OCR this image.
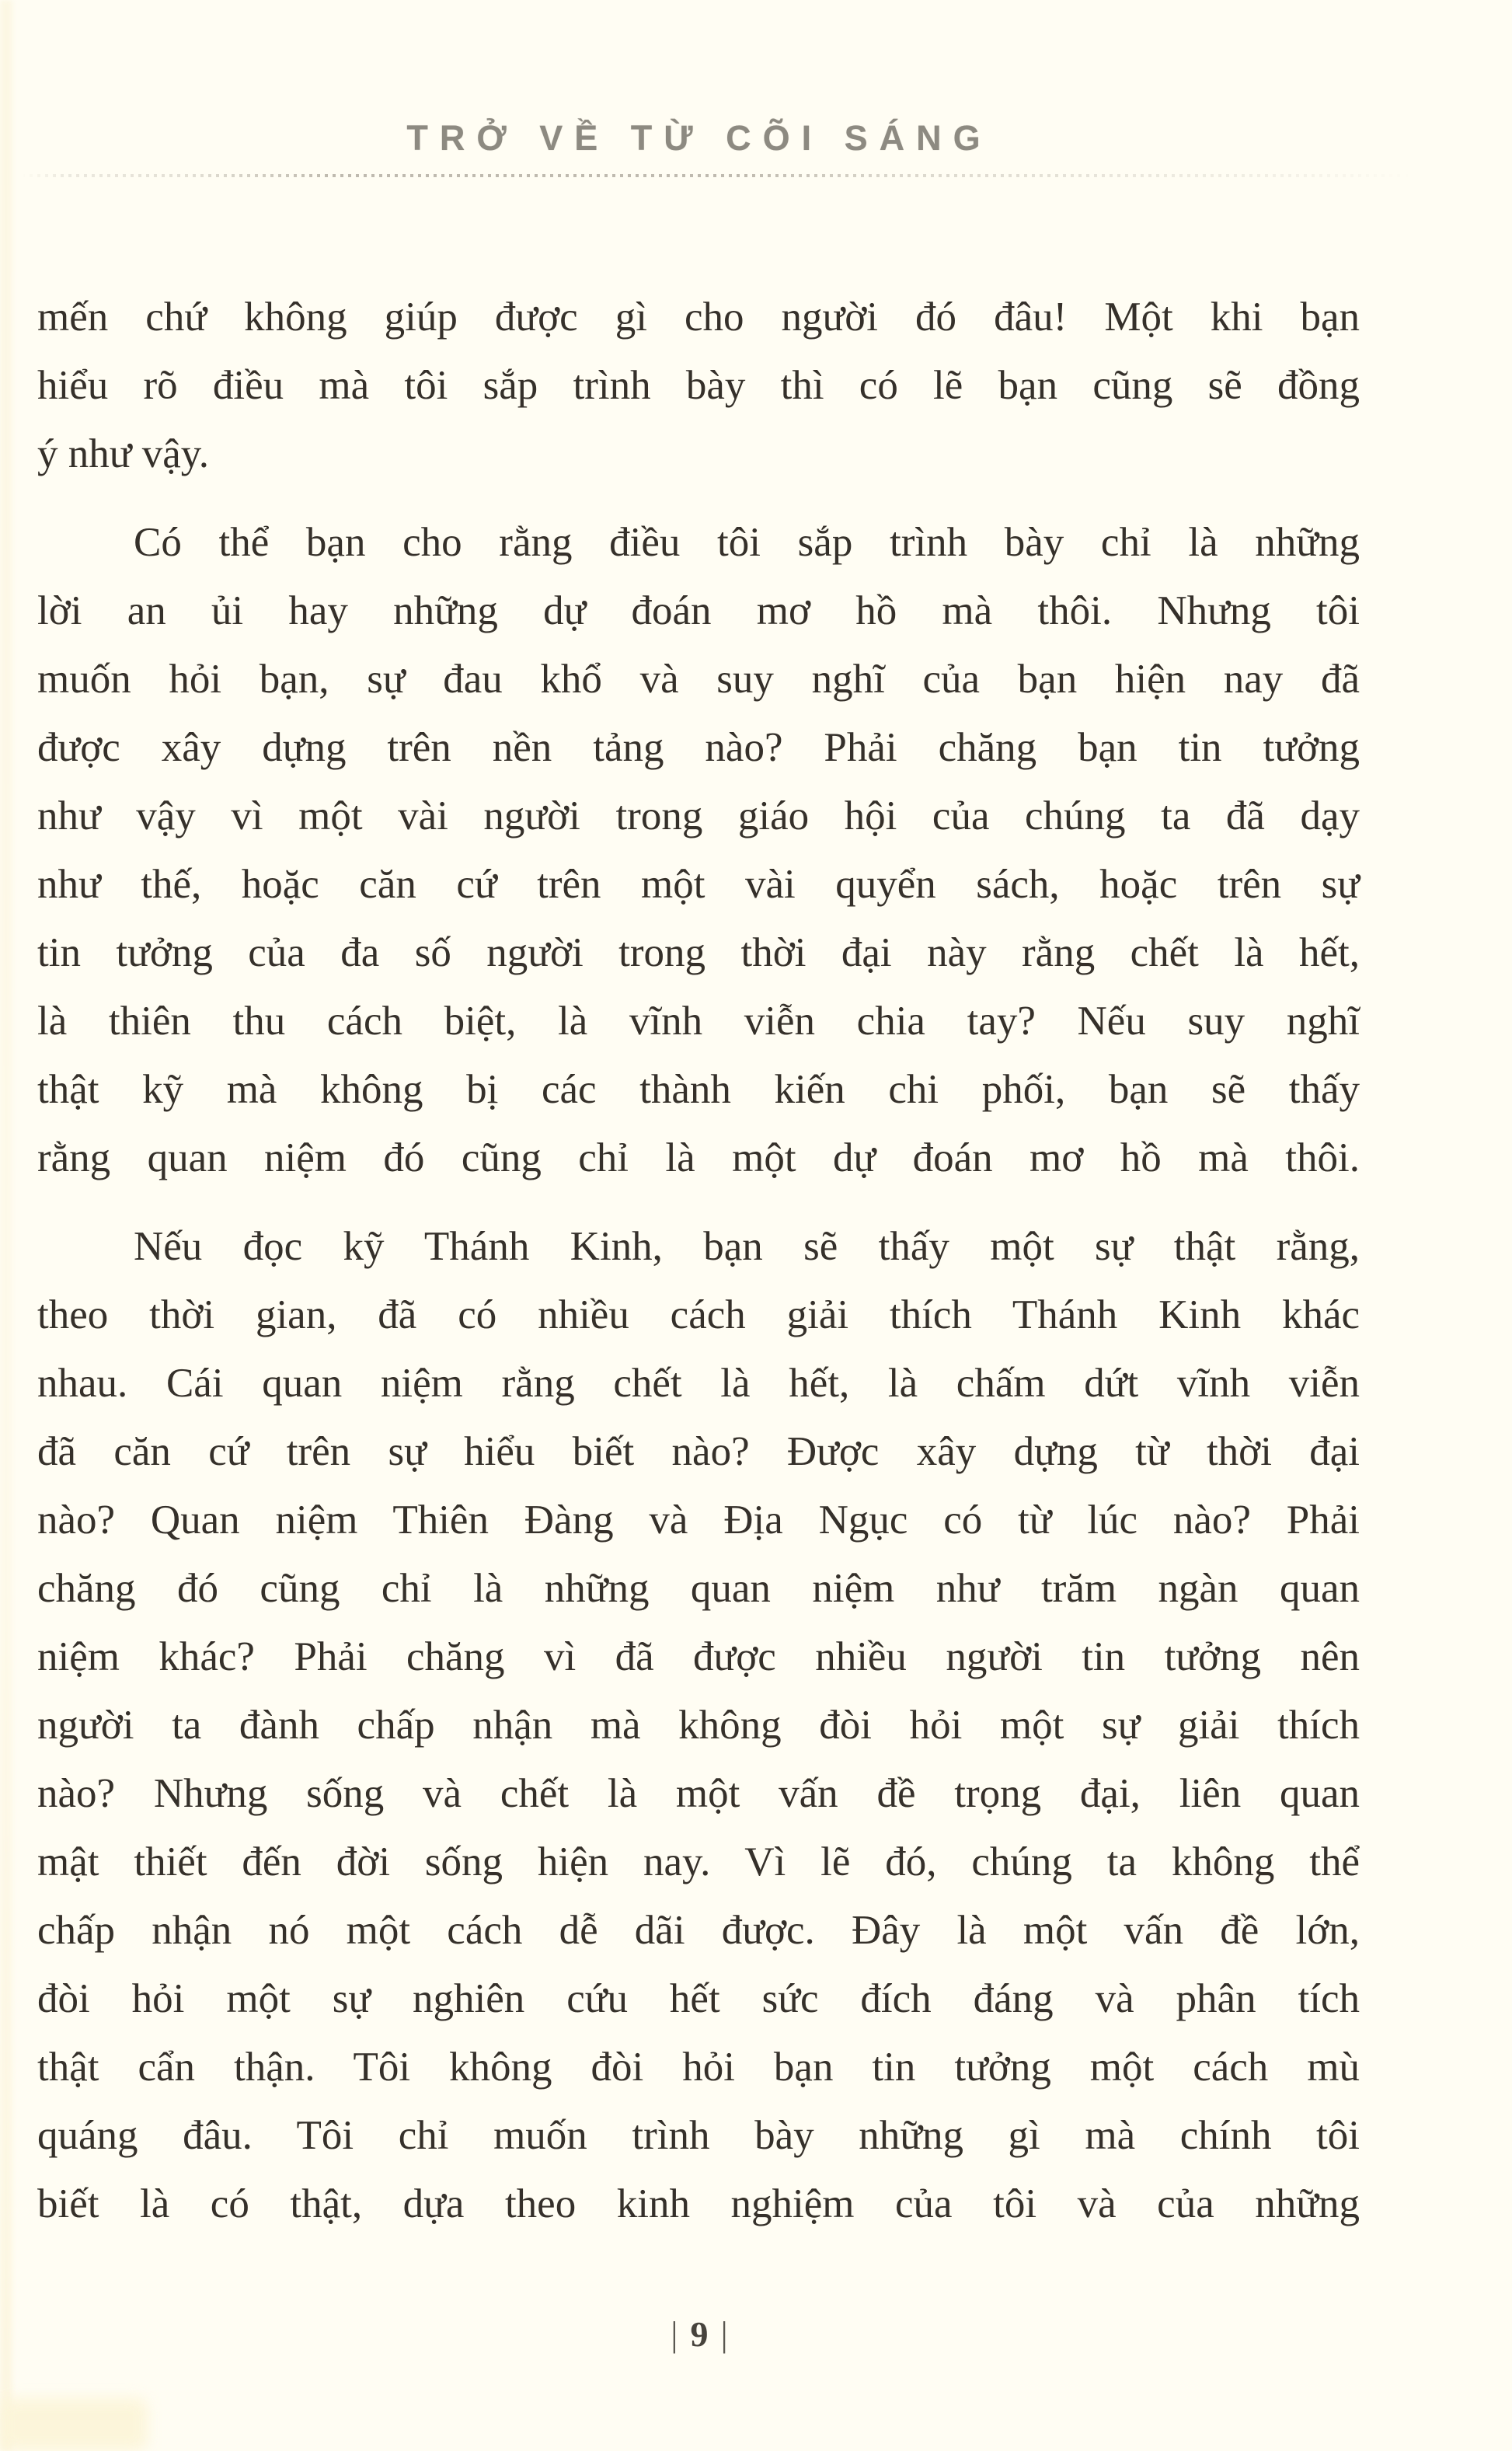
TRỞ VỀ TỪ CÕI SÁNG
mến chứ không giúp được gì cho người đó đâu! Một khi bạn
hiểu rõ điều mà tôi sắp trình bày thì có lẽ bạn cũng sẽ đồng
ý như vậy.
Có thể bạn cho rằng điều tôi sắp trình bày chỉ là những
lời an ủi hay những dự đoán mơ hồ mà thôi. Nhưng tôi
muốn hỏi bạn, sự đau khổ và suy nghĩ của bạn hiện nay đã
được xây dựng trên nền tảng nào? Phải chăng bạn tin tưởng
như vậy vì một vài người trong giáo hội của chúng ta đã dạy
như thế, hoặc căn cứ trên một vài quyển sách, hoặc trên sự
tin tưởng của đa số người trong thời đại này rằng chết là hết,
là thiên thu cách biệt, là vĩnh viễn chia tay? Nếu suy nghĩ
thật kỹ mà không bị các thành kiến chi phối, bạn sẽ thấy
rằng quan niệm đó cũng chỉ là một dự đoán mơ hồ mà thôi.
Nếu đọc kỹ Thánh Kinh, bạn sẽ thấy một sự thật rằng,
theo thời gian, đã có nhiều cách giải thích Thánh Kinh khác
nhau. Cái quan niệm rằng chết là hết, là chấm dứt vĩnh viễn
đã căn cứ trên sự hiểu biết nào? Được xây dựng từ thời đại
nào? Quan niệm Thiên Đàng và Địa Ngục có từ lúc nào? Phải
chăng đó cũng chỉ là những quan niệm như trăm ngàn quan
niệm khác? Phải chăng vì đã được nhiều người tin tưởng nên
người ta đành chấp nhận mà không đòi hỏi một sự giải thích
nào? Nhưng sống và chết là một vấn đề trọng đại, liên quan
mật thiết đến đời sống hiện nay. Vì lẽ đó, chúng ta không thể
chấp nhận nó một cách dễ dãi được. Đây là một vấn đề lớn,
đòi hỏi một sự nghiên cứu hết sức đích đáng và phân tích
thật cẩn thận. Tôi không đòi hỏi bạn tin tưởng một cách mù
quáng đâu. Tôi chỉ muốn trình bày những gì mà chính tôi
biết là có thật, dựa theo kinh nghiệm của tôi và của những
| 9 |
